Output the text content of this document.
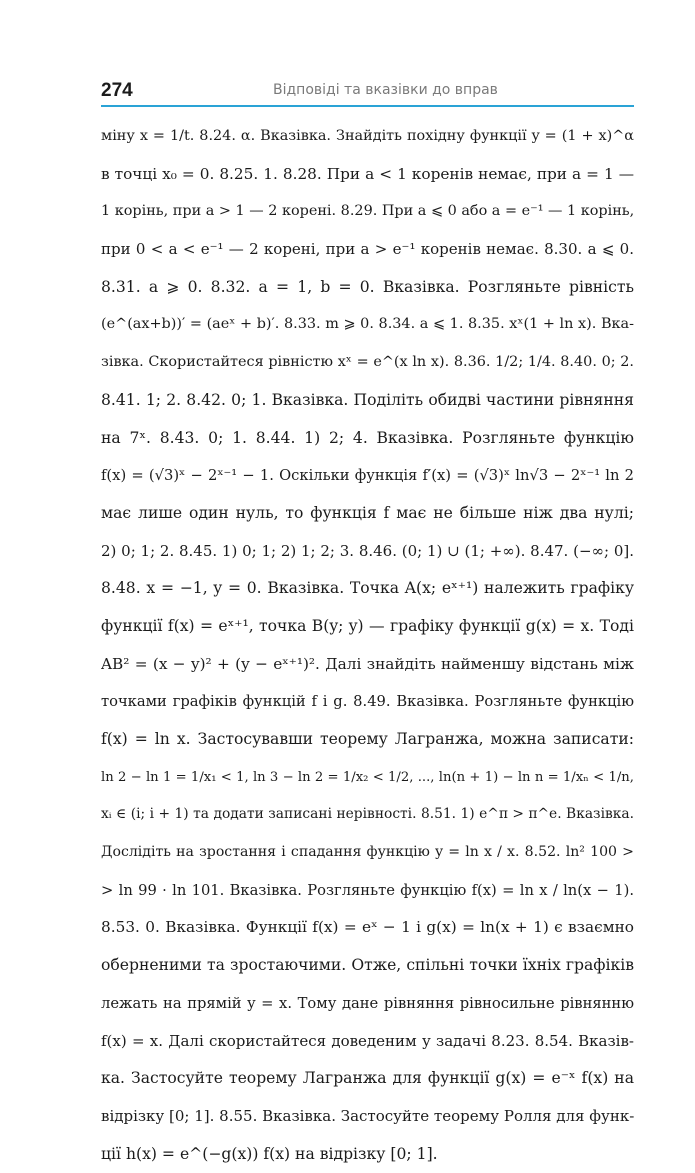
274	Відповіді та вказівки до вправ
міну x = 1/t. 8.24. α. Вказівка. Знайдіть похідну функції y = (1 + x)^α
в точці x₀ = 0. 8.25. 1. 8.28. При a < 1 коренів немає, при a = 1 —
1 корінь, при a > 1 — 2 корені. 8.29. При a ⩽ 0 або a = e⁻¹ — 1 корінь,
при 0 < a < e⁻¹ — 2 корені, при a > e⁻¹ коренів немає. 8.30. a ⩽ 0.
8.31. a ⩾ 0. 8.32. a = 1, b = 0. Вказівка. Розгляньте рівність
(e^(ax+b))′ = (aeˣ + b)′. 8.33. m ⩾ 0. 8.34. a ⩽ 1. 8.35. xˣ(1 + ln x). Вка-
зівка. Скористайтеся рівністю xˣ = e^(x ln x). 8.36. 1/2; 1/4. 8.40. 0; 2.
8.41. 1; 2. 8.42. 0; 1. Вказівка. Поділіть обидві частини рівняння
на 7ˣ. 8.43. 0; 1. 8.44. 1) 2; 4. Вказівка. Розгляньте функцію
f(x) = (√3)ˣ − 2ˣ⁻¹ − 1. Оскільки функція f′(x) = (√3)ˣ ln√3 − 2ˣ⁻¹ ln 2
має лише один нуль, то функція f має не більше ніж два нулі;
2) 0; 1; 2. 8.45. 1) 0; 1; 2) 1; 2; 3. 8.46. (0; 1) ∪ (1; +∞). 8.47. (−∞; 0].
8.48. x = −1, y = 0. Вказівка. Точка A(x; eˣ⁺¹) належить графіку
функції f(x) = eˣ⁺¹, точка B(y; y) — графіку функції g(x) = x. Тоді
AB² = (x − y)² + (y − eˣ⁺¹)². Далі знайдіть найменшу відстань між
точками графіків функцій f і g. 8.49. Вказівка. Розгляньте функцію
f(x) = ln x. Застосувавши теорему Лагранжа, можна записати:
ln 2 − ln 1 = 1/x₁ < 1, ln 3 − ln 2 = 1/x₂ < 1/2, ..., ln(n + 1) − ln n = 1/xₙ < 1/n,
xᵢ ∈ (i; i + 1) та додати записані нерівності. 8.51. 1) e^π > π^e. Вказівка.
Дослідіть на зростання і спадання функцію y = ln x / x. 8.52. ln² 100 >
> ln 99 · ln 101. Вказівка. Розгляньте функцію f(x) = ln x / ln(x − 1).
8.53. 0. Вказівка. Функції f(x) = eˣ − 1 і g(x) = ln(x + 1) є взаємно
оберненими та зростаючими. Отже, спільні точки їхніх графіків
лежать на прямій y = x. Тому дане рівняння рівносильне рівнянню
f(x) = x. Далі скористайтеся доведеним у задачі 8.23. 8.54. Вказів-
ка. Застосуйте теорему Лагранжа для функції g(x) = e⁻ˣ f(x) на
відрізку [0; 1]. 8.55. Вказівка. Застосуйте теорему Ролля для функ-
ції h(x) = e^(−g(x)) f(x) на відрізку [0; 1].
